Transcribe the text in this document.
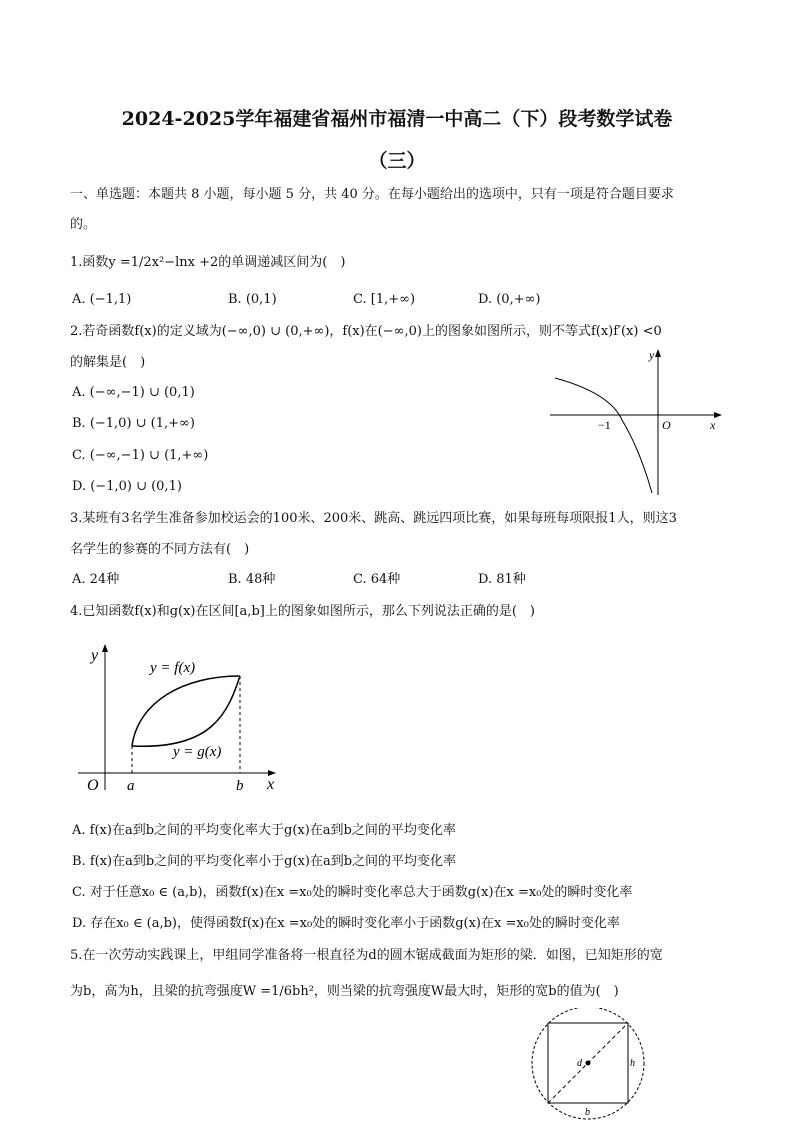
2024-2025学年福建省福州市福清一中高二（下）段考数学试卷
（三）
一、单选题：本题共 8 小题，每小题 5 分，共 40 分。在每小题给出的选项中，只有一项是符合题目要求
的。
1.函数y =1/2x²−lnx +2的单调递减区间为(　)
A. (−1,1)	B. (0,1)	C. [1,+∞)	D. (0,+∞)
2.若奇函数f(x)的定义域为(−∞,0) ∪ (0,+∞)，f(x)在(−∞,0)上的图象如图所示，则不等式f(x)f′(x) <0
的解集是(　)
A. (−∞,−1) ∪ (0,1)
B. (−1,0) ∪ (1,+∞)
C. (−∞,−1) ∪ (1,+∞)
D. (−1,0) ∪ (0,1)
y
x
O
−1
3.某班有3名学生准备参加校运会的100米、200米、跳高、跳远四项比赛，如果每班每项限报1人，则这3
名学生的参赛的不同方法有(　)
A. 24种	B. 48种	C. 64种	D. 81种
4.已知函数f(x)和g(x)在区间[a,b]上的图象如图所示，那么下列说法正确的是(　)
y
x
O a	b
y = f(x)
y = g(x)
A. f(x)在a到b之间的平均变化率大于g(x)在a到b之间的平均变化率
B. f(x)在a到b之间的平均变化率小于g(x)在a到b之间的平均变化率
C. 对于任意x₀ ∈ (a,b)，函数f(x)在x =x₀处的瞬时变化率总大于函数g(x)在x =x₀处的瞬时变化率
D. 存在x₀ ∈ (a,b)，使得函数f(x)在x =x₀处的瞬时变化率小于函数g(x)在x =x₀处的瞬时变化率
5.在一次劳动实践课上，甲组同学准备将一根直径为d的圆木锯成截面为矩形的梁．如图，已知矩形的宽
为b，高为h，且梁的抗弯强度W =1/6bh²，则当梁的抗弯强度W最大时，矩形的宽b的值为(　)
d	h
b
